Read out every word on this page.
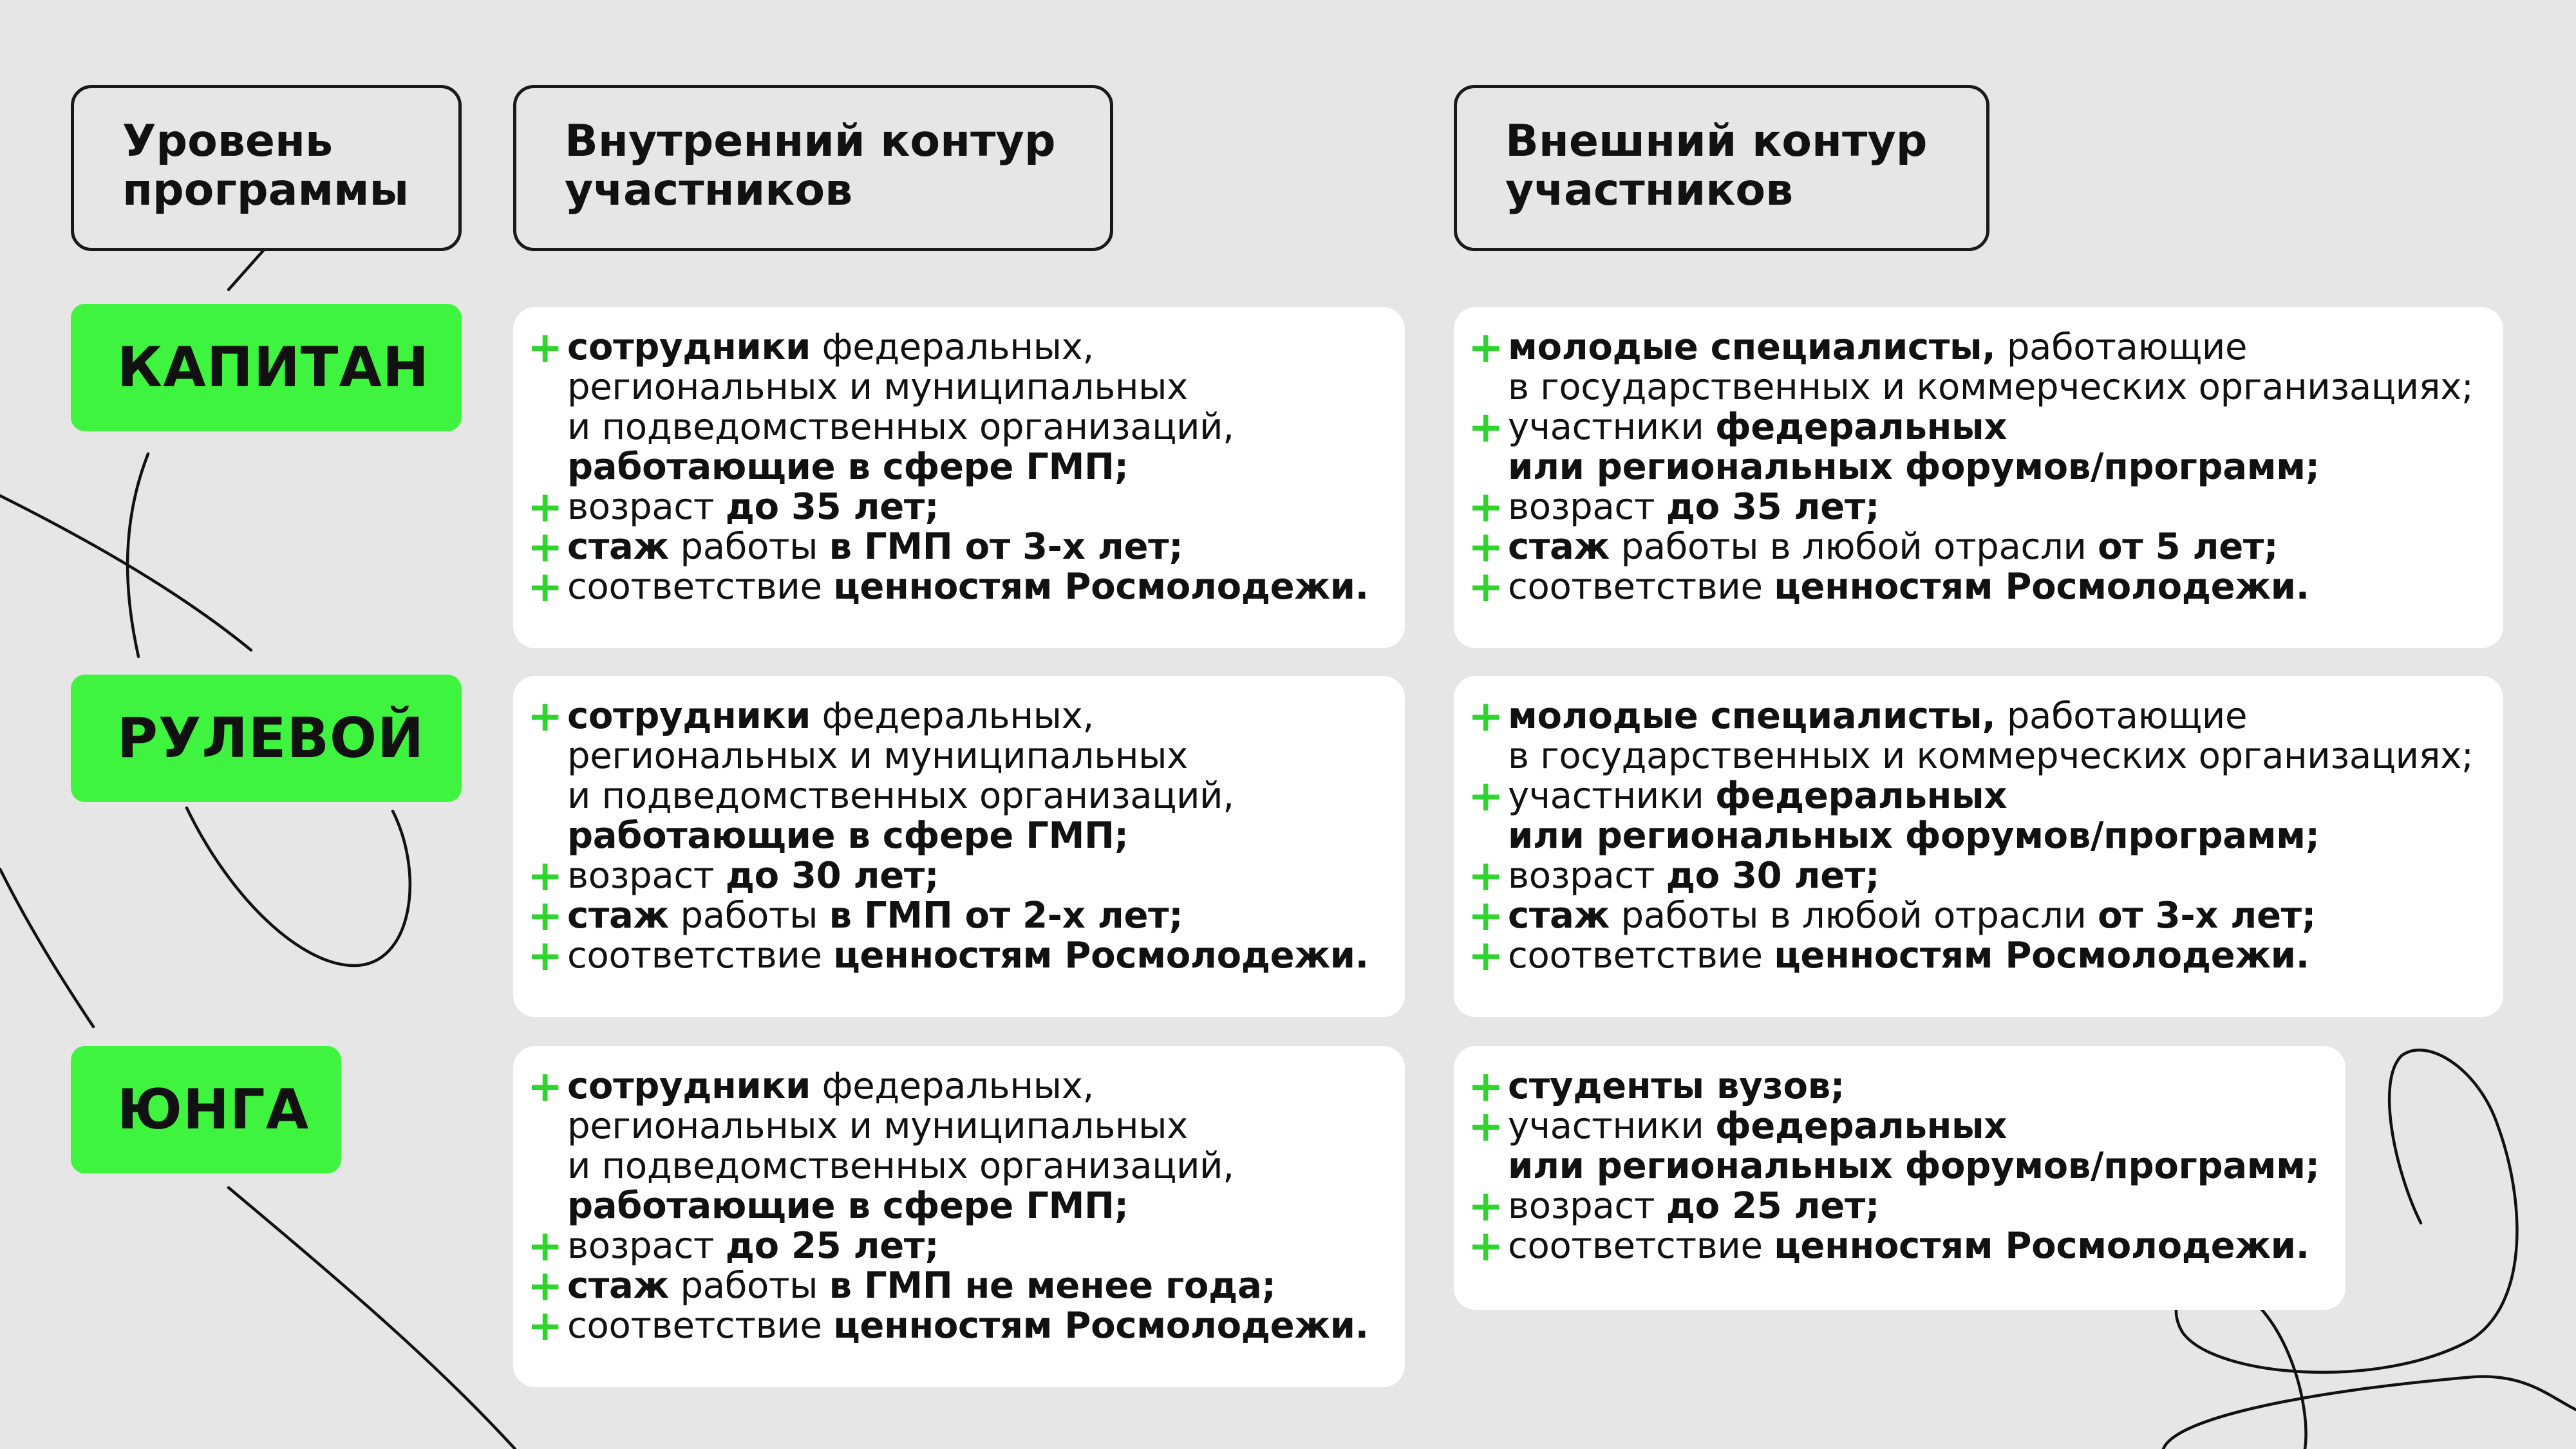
Уровень
программы
Внутренний контур
участников
Внешний контур
участников
КАПИТАН
РУЛЕВОЙ
ЮНГА
+ сотрудники федеральных,
региональных и муниципальных
и подведомственных организаций,
работающие в сфере ГМП;
+ возраст до 35 лет;
+ стаж работы в ГМП от 3-х лет;
+ соответствие ценностям Росмолодежи.
+ молодые специалисты, работающие
в государственных и коммерческих организациях;
+ участники федеральных
или региональных форумов/программ;
+ возраст до 35 лет;
+ стаж работы в любой отрасли от 5 лет;
+ соответствие ценностям Росмолодежи.
+ сотрудники федеральных,
региональных и муниципальных
и подведомственных организаций,
работающие в сфере ГМП;
+ возраст до 30 лет;
+ стаж работы в ГМП от 2-х лет;
+ соответствие ценностям Росмолодежи.
+ молодые специалисты, работающие
в государственных и коммерческих организациях;
+ участники федеральных
или региональных форумов/программ;
+ возраст до 30 лет;
+ стаж работы в любой отрасли от 3-х лет;
+ соответствие ценностям Росмолодежи.
+ сотрудники федеральных,
региональных и муниципальных
и подведомственных организаций,
работающие в сфере ГМП;
+ возраст до 25 лет;
+ стаж работы в ГМП не менее года;
+ соответствие ценностям Росмолодежи.
+ студенты вузов;
+ участники федеральных
или региональных форумов/программ;
+ возраст до 25 лет;
+ соответствие ценностям Росмолодежи.
